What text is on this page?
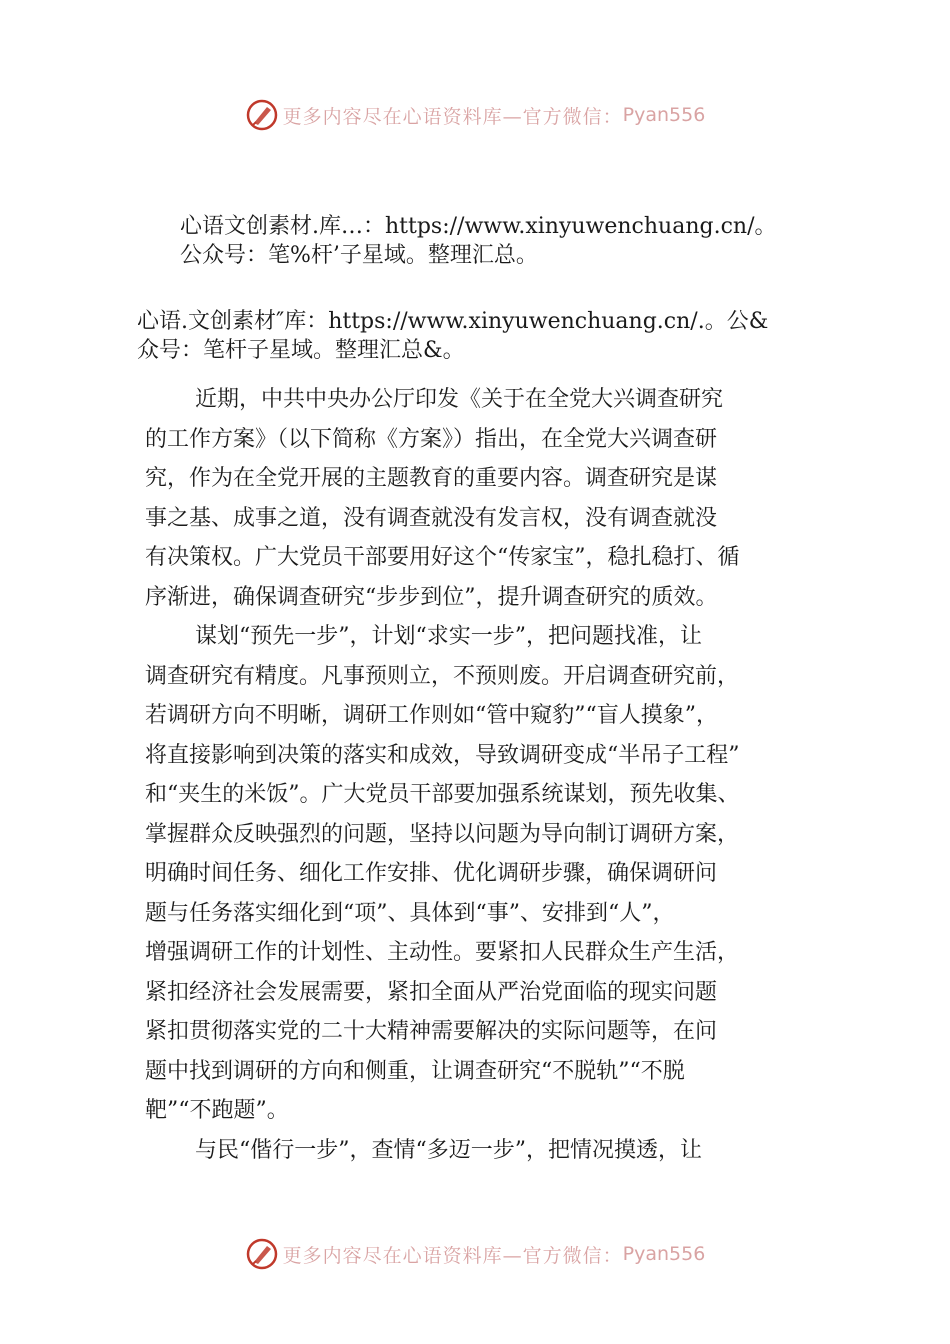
更多内容尽在心语资料库—官方微信： Pyan556
心语文创素材.库…：https://www.xinyuwenchuang.cn/。
公众号：笔%杆’子星域。整理汇总。
心语.文创素材″库：https://www.xinyuwenchuang.cn/.。公&
众号：笔杆子星域。整理汇总&。
近期，中共中央办公厅印发《关于在全党大兴调查研究
的工作方案》（以下简称《方案》）指出，在全党大兴调查研
究，作为在全党开展的主题教育的重要内容。调查研究是谋
事之基、成事之道，没有调查就没有发言权，没有调查就没
有决策权。广大党员干部要用好这个“传家宝”，稳扎稳打、循
序渐进，确保调查研究“步步到位”，提升调查研究的质效。
谋划“预先一步”，计划“求实一步”，把问题找准，让
调查研究有精度。凡事预则立，不预则废。开启调查研究前，
若调研方向不明晰，调研工作则如“管中窥豹”“盲人摸象”，
将直接影响到决策的落实和成效，导致调研变成“半吊子工程”
和“夹生的米饭”。广大党员干部要加强系统谋划，预先收集、
掌握群众反映强烈的问题，坚持以问题为导向制订调研方案，
明确时间任务、细化工作安排、优化调研步骤，确保调研问
题与任务落实细化到“项”、具体到“事”、安排到“人”，
增强调研工作的计划性、主动性。要紧扣人民群众生产生活，
紧扣经济社会发展需要，紧扣全面从严治党面临的现实问题
紧扣贯彻落实党的二十大精神需要解决的实际问题等，在问
题中找到调研的方向和侧重，让调查研究“不脱轨”“不脱
靶”“不跑题”。
与民“偕行一步”，查情“多迈一步”，把情况摸透，让
更多内容尽在心语资料库—官方微信： Pyan556
